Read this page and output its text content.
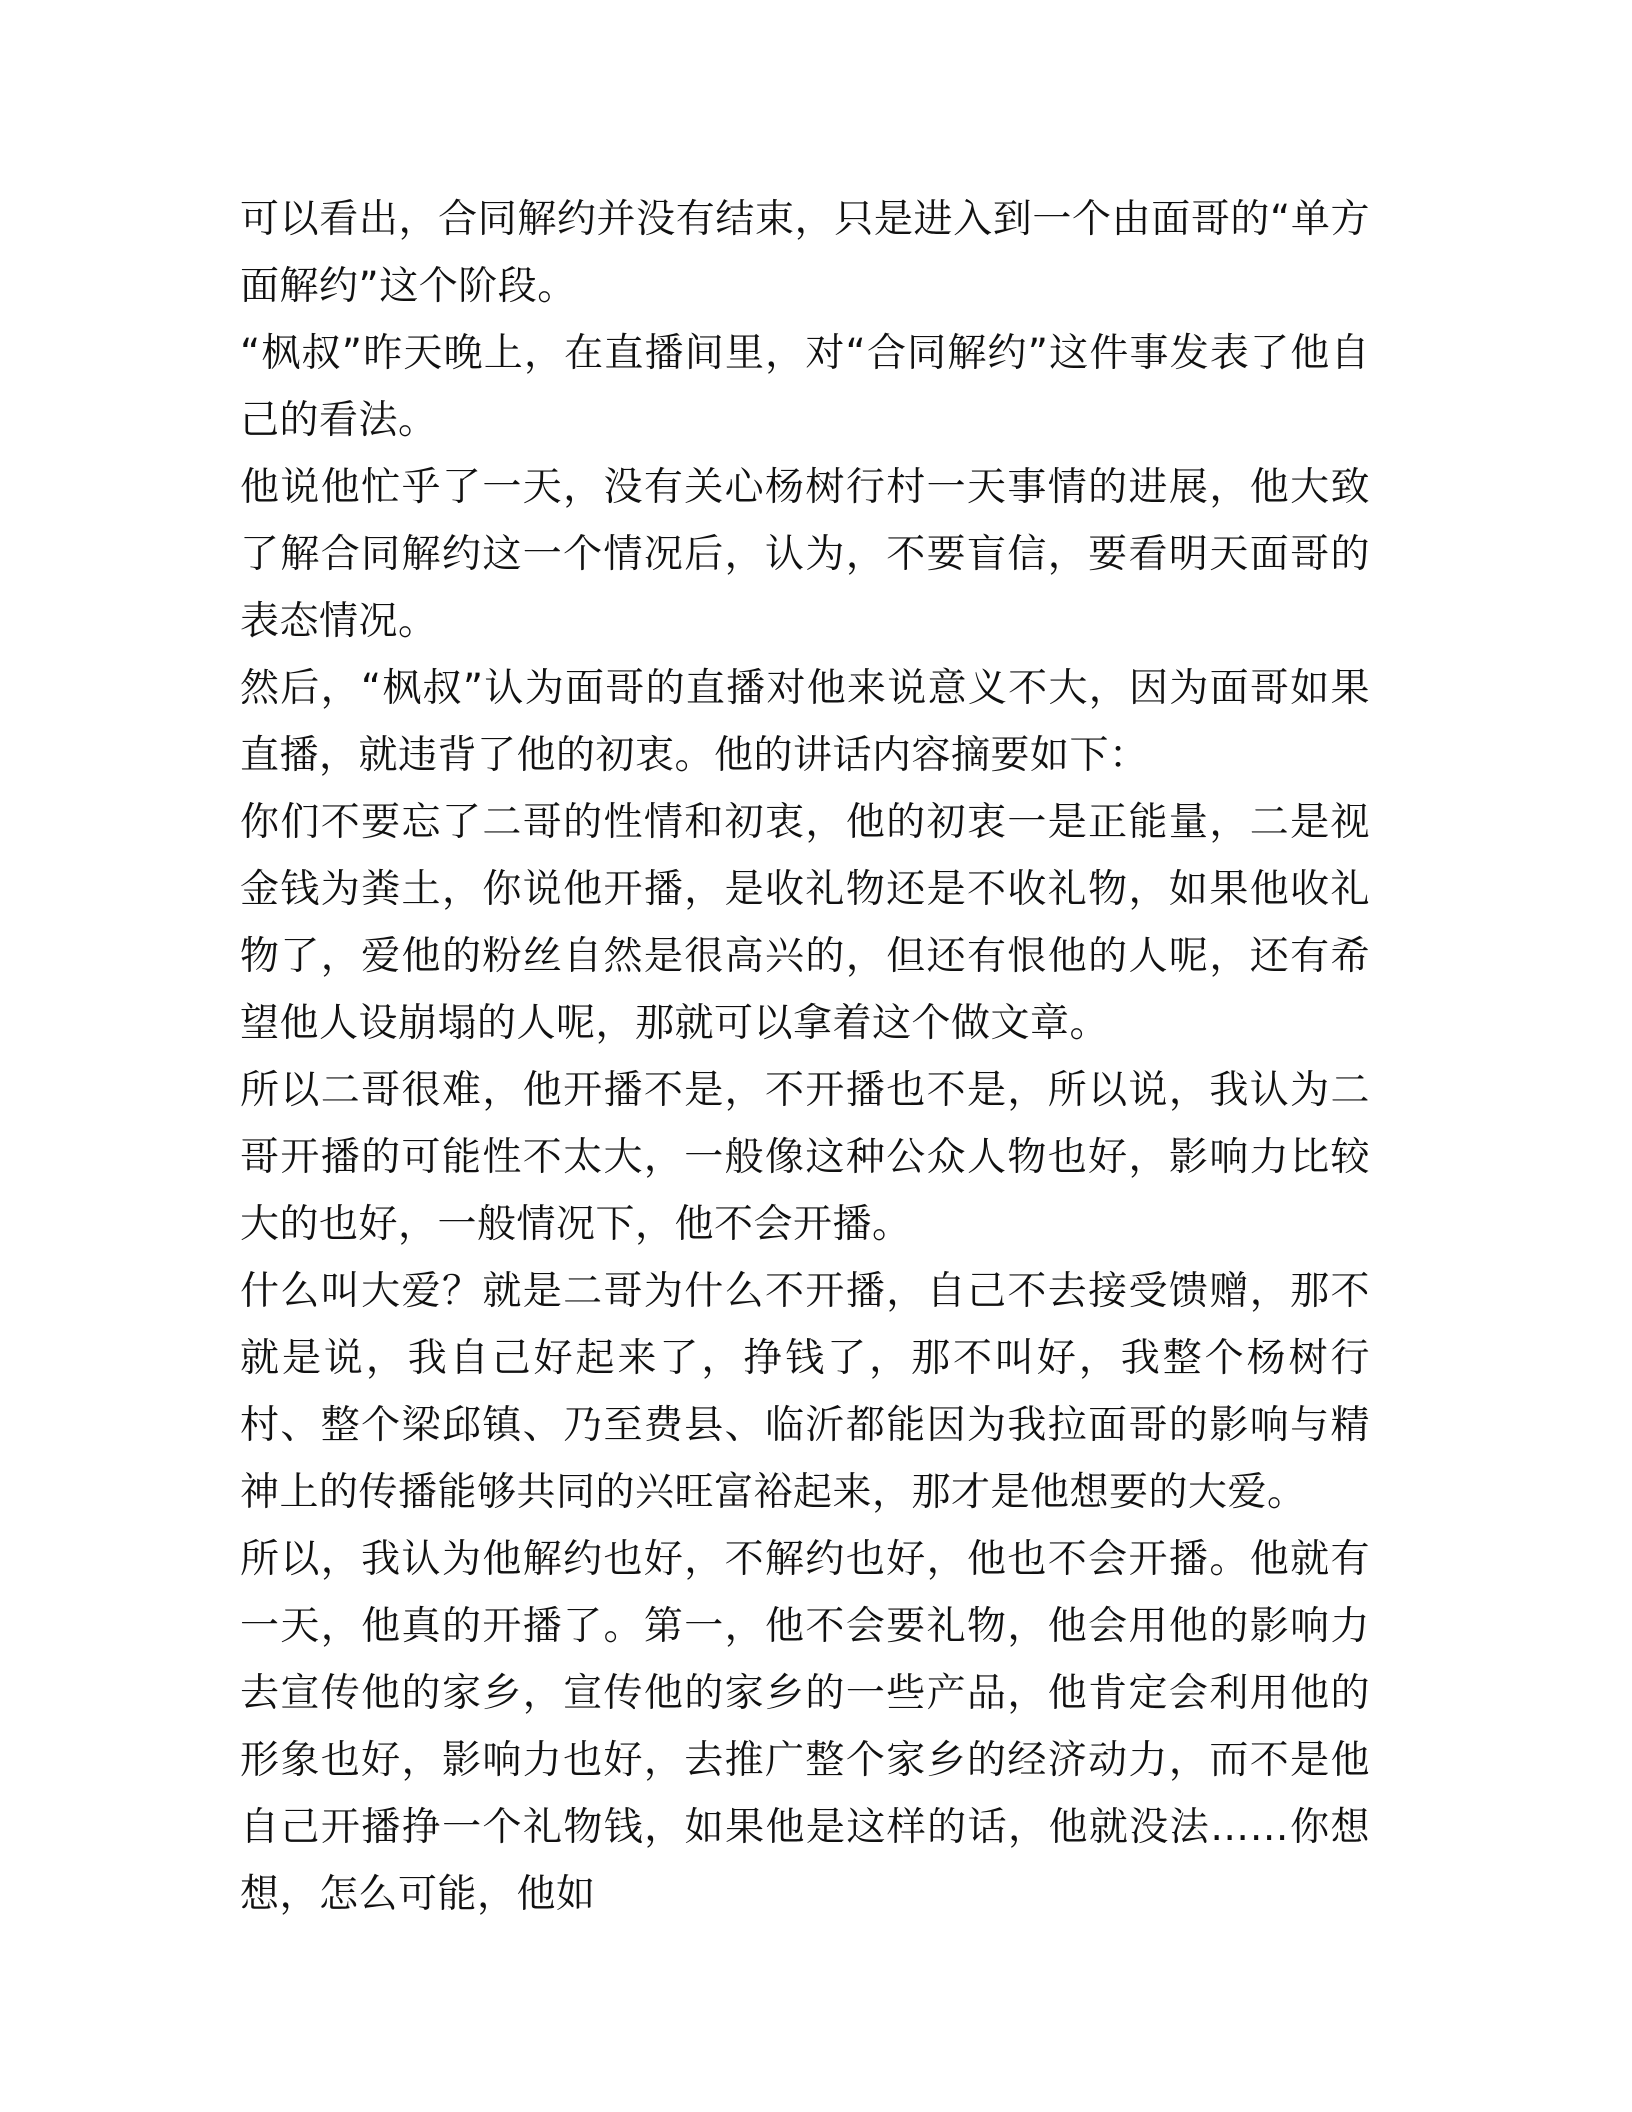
可以看出，合同解约并没有结束，只是进入到一个由面哥的“单方面解约”这个阶段。

“枫叔”昨天晚上，在直播间里，对“合同解约”这件事发表了他自己的看法。

他说他忙乎了一天，没有关心杨树行村一天事情的进展，他大致了解合同解约这一个情况后，认为，不要盲信，要看明天面哥的表态情况。

然后，“枫叔”认为面哥的直播对他来说意义不大，因为面哥如果直播，就违背了他的初衷。他的讲话内容摘要如下：

你们不要忘了二哥的性情和初衷，他的初衷一是正能量，二是视金钱为粪土，你说他开播，是收礼物还是不收礼物，如果他收礼物了，爱他的粉丝自然是很高兴的，但还有恨他的人呢，还有希望他人设崩塌的人呢，那就可以拿着这个做文章。

所以二哥很难，他开播不是，不开播也不是，所以说，我认为二哥开播的可能性不太大，一般像这种公众人物也好，影响力比较大的也好，一般情况下，他不会开播。

什么叫大爱？就是二哥为什么不开播，自己不去接受馈赠，那不就是说，我自己好起来了，挣钱了，那不叫好，我整个杨树行村、整个梁邱镇、乃至费县、临沂都能因为我拉面哥的影响与精神上的传播能够共同的兴旺富裕起来，那才是他想要的大爱。

所以，我认为他解约也好，不解约也好，他也不会开播。他就有一天，他真的开播了。第一，他不会要礼物，他会用他的影响力去宣传他的家乡，宣传他的家乡的一些产品，他肯定会利用他的形象也好，影响力也好，去推广整个家乡的经济动力，而不是他自己开播挣一个礼物钱，如果他是这样的话，他就没法……你想想，怎么可能，他如
